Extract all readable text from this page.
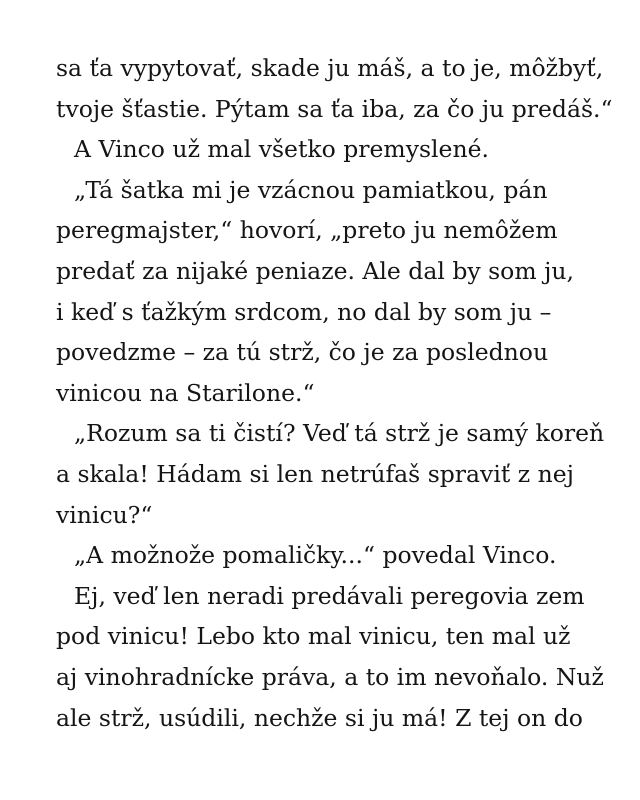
sa ťa vypytovať, skade ju máš, a to je, môžbyť,
tvoje šťastie. Pýtam sa ťa iba, za čo ju predáš.“
A Vinco už mal všetko premyslené.
„Tá šatka mi je vzácnou pamiatkou, pán
peregmajster,“ hovorí, „preto ju nemôžem
predať za nijaké peniaze. Ale dal by som ju,
i keď s ťažkým srdcom, no dal by som ju –
povedzme – za tú strž, čo je za poslednou
vinicou na Starilone.“
„Rozum sa ti čistí? Veď tá strž je samý koreň
a skala! Hádam si len netrúfaš spraviť z nej
vinicu?“
„A možnože pomaličky...“ povedal Vinco.
Ej, veď len neradi predávali peregovia zem
pod vinicu! Lebo kto mal vinicu, ten mal už
aj vinohradnícke práva, a to im nevoňalo. Nuž
ale strž, usúdili, nechže si ju má! Z tej on do
